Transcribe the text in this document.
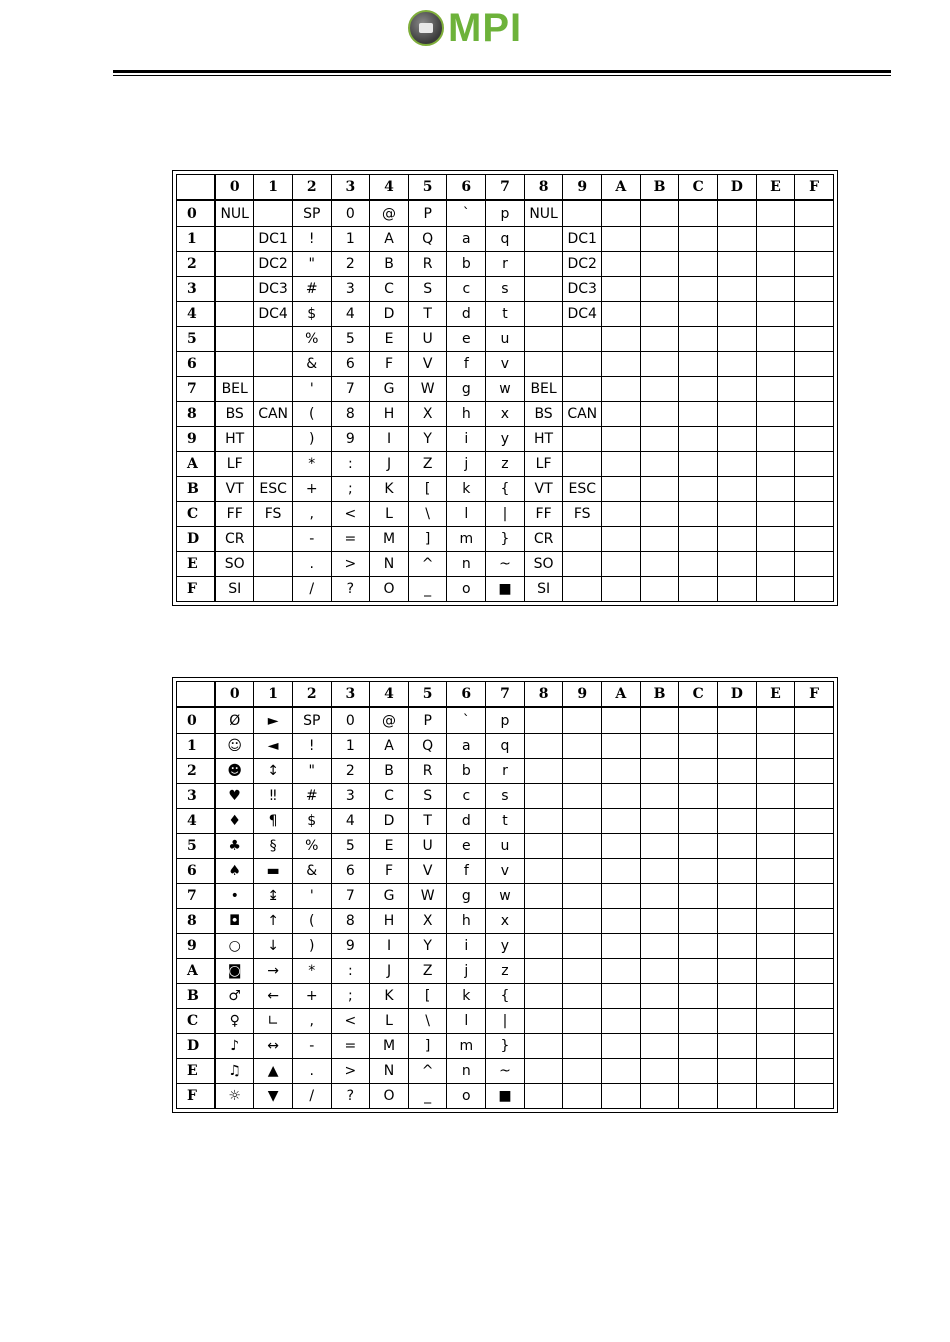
MPI
	0	1	2	3	4	5	6	7	8	9	A	B	C	D	E	F
0	NUL		SP	0	@	P	`	p	NUL							
1		DC1	!	1	A	Q	a	q		DC1						
2		DC2	"	2	B	R	b	r		DC2						
3		DC3	#	3	C	S	c	s		DC3						
4		DC4	$	4	D	T	d	t		DC4						
5			%	5	E	U	e	u								
6			&	6	F	V	f	v								
7	BEL		'	7	G	W	g	w	BEL							
8	BS	CAN	(	8	H	X	h	x	BS	CAN						
9	HT		)	9	I	Y	i	y	HT							
A	LF		*	:	J	Z	j	z	LF							
B	VT	ESC	+	;	K	[	k	{	VT	ESC						
C	FF	FS	,	<	L	\	l	|	FF	FS						
D	CR		-	=	M	]	m	}	CR							
E	SO		.	>	N	^	n	~	SO							
F	SI		/	?	O	_	o	■	SI							
	0	1	2	3	4	5	6	7	8	9	A	B	C	D	E	F
0	Ø	►	SP	0	@	P	`	p								
1	☺	◄	!	1	A	Q	a	q								
2	☻	↕	"	2	B	R	b	r								
3	♥	‼	#	3	C	S	c	s								
4	♦	¶	$	4	D	T	d	t								
5	♣	§	%	5	E	U	e	u								
6	♠	▬	&	6	F	V	f	v								
7	•	↨	'	7	G	W	g	w								
8	◘	↑	(	8	H	X	h	x								
9	○	↓	)	9	I	Y	i	y								
A	◙	→	*	:	J	Z	j	z								
B	♂	←	+	;	K	[	k	{								
C	♀	∟	,	<	L	\	l	|								
D	♪	↔	-	=	M	]	m	}								
E	♫	▲	.	>	N	^	n	~								
F	☼	▼	/	?	O	_	o	■								
